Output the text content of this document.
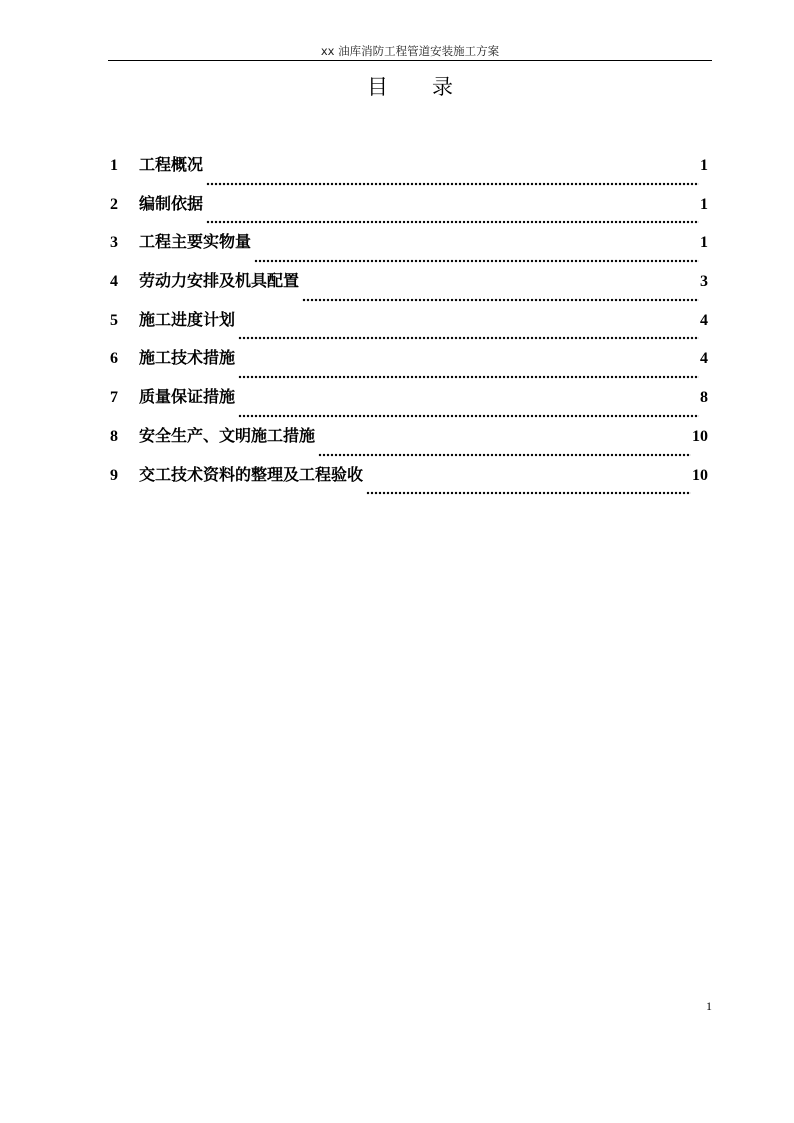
xx 油库消防工程管道安装施工方案
目 录
1	工程概况	1
2	编制依据	1
3	工程主要实物量	1
4	劳动力安排及机具配置	3
5	施工进度计划	4
6	施工技术措施	4
7	质量保证措施	8
8	安全生产、文明施工措施	10
9	交工技术资料的整理及工程验收	10
1
